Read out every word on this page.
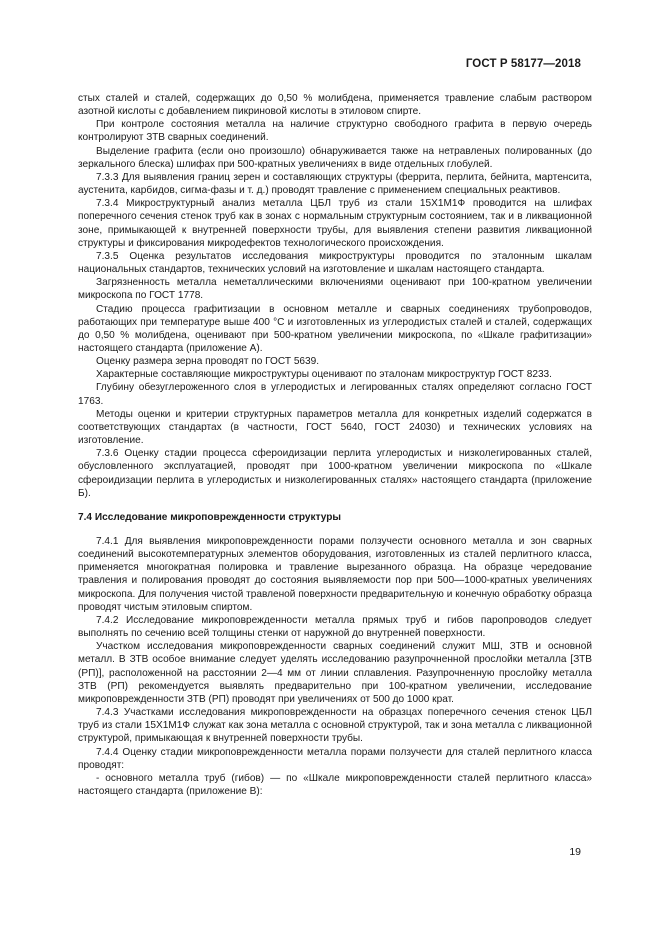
ГОСТ Р 58177—2018

стых сталей и сталей, содержащих до 0,50 % молибдена, применяется травление слабым раствором азотной кислоты с добавлением пикриновой кислоты в этиловом спирте.

При контроле состояния металла на наличие структурно свободного графита в первую очередь контролируют ЗТВ сварных соединений.

Выделение графита (если оно произошло) обнаруживается также на нетравленых полированных (до зеркального блеска) шлифах при 500-кратных увеличениях в виде отдельных глобулей.

7.3.3 Для выявления границ зерен и составляющих структуры (феррита, перлита, бейнита, мартенсита, аустенита, карбидов, сигма-фазы и т. д.) проводят травление с применением специальных реактивов.

7.3.4 Микроструктурный анализ металла ЦБЛ труб из стали 15Х1М1Ф проводится на шлифах поперечного сечения стенок труб как в зонах с нормальным структурным состоянием, так и в ликвационной зоне, примыкающей к внутренней поверхности трубы, для выявления степени развития ликвационной структуры и фиксирования микродефектов технологического происхождения.

7.3.5 Оценка результатов исследования микроструктуры проводится по эталонным шкалам национальных стандартов, технических условий на изготовление и шкалам настоящего стандарта.

Загрязненность металла неметаллическими включениями оценивают при 100-кратном увеличении микроскопа по ГОСТ 1778.

Стадию процесса графитизации в основном металле и сварных соединениях трубопроводов, работающих при температуре выше 400 °С и изготовленных из углеродистых сталей и сталей, содержащих до 0,50 % молибдена, оценивают при 500-кратном увеличении микроскопа, по «Шкале графитизации» настоящего стандарта (приложение А).

Оценку размера зерна проводят по ГОСТ 5639.

Характерные составляющие микроструктуры оценивают по эталонам микроструктур ГОСТ 8233.

Глубину обезуглероженного слоя в углеродистых и легированных сталях определяют согласно ГОСТ 1763.

Методы оценки и критерии структурных параметров металла для конкретных изделий содержатся в соответствующих стандартах (в частности, ГОСТ 5640, ГОСТ 24030) и технических условиях на изготовление.

7.3.6 Оценку стадии процесса сфероидизации перлита углеродистых и низколегированных сталей, обусловленного эксплуатацией, проводят при 1000-кратном увеличении микроскопа по «Шкале сфероидизации перлита в углеродистых и низколегированных сталях» настоящего стандарта (приложение Б).

7.4 Исследование микроповрежденности структуры

7.4.1 Для выявления микроповрежденности порами ползучести основного металла и зон сварных соединений высокотемпературных элементов оборудования, изготовленных из сталей перлитного класса, применяется многократная полировка и травление вырезанного образца. На образце чередование травления и полирования проводят до состояния выявляемости пор при 500—1000-кратных увеличениях микроскопа. Для получения чистой травленой поверхности предварительную и конечную обработку образца проводят чистым этиловым спиртом.

7.4.2 Исследование микроповрежденности металла прямых труб и гибов паропроводов следует выполнять по сечению всей толщины стенки от наружной до внутренней поверхности.

Участком исследования микроповрежденности сварных соединений служит МШ, ЗТВ и основной металл. В ЗТВ особое внимание следует уделять исследованию разупрочненной прослойки металла [ЗТВ (РП)], расположенной на расстоянии 2—4 мм от линии сплавления. Разупрочненную прослойку металла ЗТВ (РП) рекомендуется выявлять предварительно при 100-кратном увеличении, исследование микроповрежденности ЗТВ (РП) проводят при увеличениях от 500 до 1000 крат.

7.4.3 Участками исследования микроповрежденности на образцах поперечного сечения стенок ЦБЛ труб из стали 15Х1М1Ф служат как зона металла с основной структурой, так и зона металла с ликвационной структурой, примыкающая к внутренней поверхности трубы.

7.4.4 Оценку стадии микроповрежденности металла порами ползучести для сталей перлитного класса проводят:

- основного металла труб (гибов) — по «Шкале микроповрежденности сталей перлитного класса» настоящего стандарта (приложение В):

19
